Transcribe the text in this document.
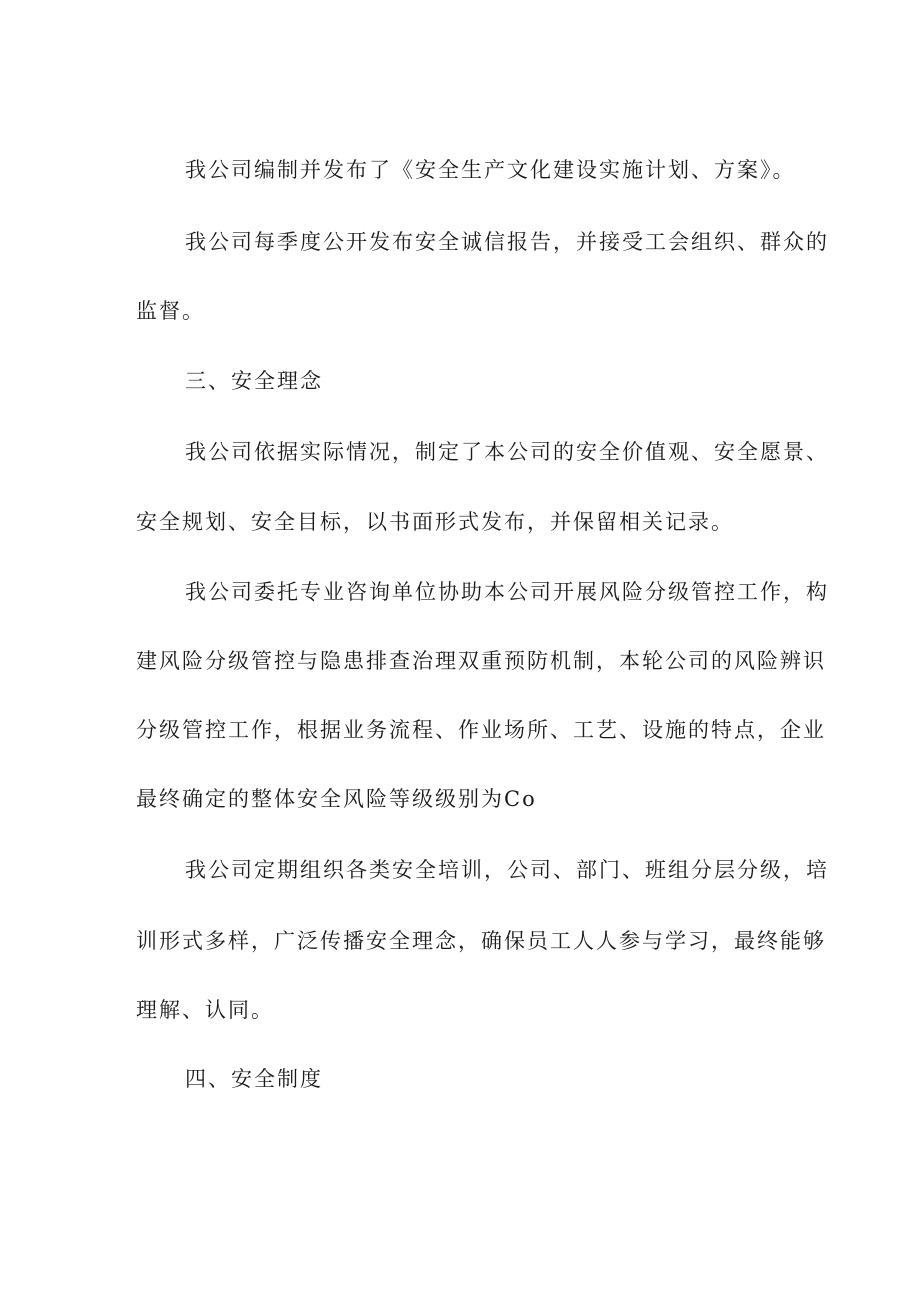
我公司编制并发布了《安全生产文化建设实施计划、方案》。
我公司每季度公开发布安全诚信报告，并接受工会组织、群众的
监督。
三、安全理念
我公司依据实际情况，制定了本公司的安全价值观、安全愿景、
安全规划、安全目标，以书面形式发布，并保留相关记录。
我公司委托专业咨询单位协助本公司开展风险分级管控工作，构
建风险分级管控与隐患排查治理双重预防机制，本轮公司的风险辨识
分级管控工作，根据业务流程、作业场所、工艺、设施的特点，企业
最终确定的整体安全风险等级级别为Co
我公司定期组织各类安全培训，公司、部门、班组分层分级，培
训形式多样，广泛传播安全理念，确保员工人人参与学习，最终能够
理解、认同。
四、安全制度
